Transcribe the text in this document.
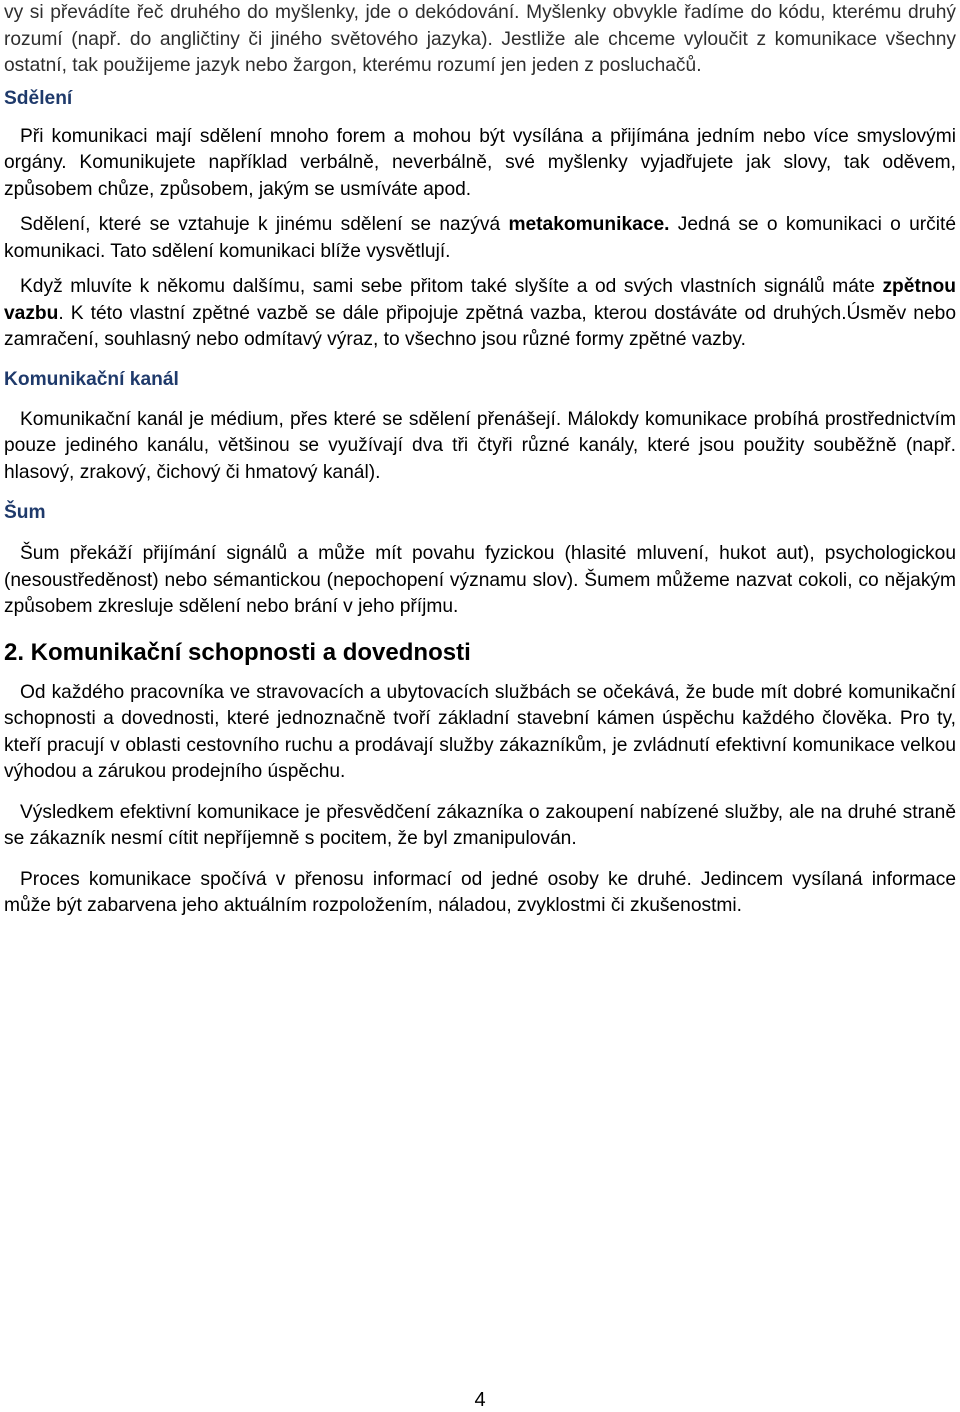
vy si převádíte řeč druhého do myšlenky, jde o dekódování. Myšlenky obvykle řadíme do kódu, kterému druhý rozumí (např. do angličtiny či jiného světového jazyka). Jestliže ale chceme vyloučit z komunikace všechny ostatní, tak použijeme jazyk nebo žargon, kterému rozumí jen jeden z posluchačů.

Sdělení

Při komunikaci mají sdělení mnoho forem a mohou být vysílána a přijímána jedním nebo více smyslovými orgány. Komunikujete například verbálně, neverbálně, své myšlenky vyjadřujete jak slovy, tak oděvem, způsobem chůze, způsobem, jakým se usmíváte apod.

Sdělení, které se vztahuje k jinému sdělení se nazývá metakomunikace. Jedná se o komunikaci o určité komunikaci. Tato sdělení komunikaci blíže vysvětlují.

Když mluvíte k někomu dalšímu, sami sebe přitom také slyšíte a od svých vlastních signálů máte zpětnou vazbu. K této vlastní zpětné vazbě se dále připojuje zpětná vazba, kterou dostáváte od druhých.Úsměv nebo zamračení, souhlasný nebo odmítavý výraz, to všechno jsou různé formy zpětné vazby.

Komunikační kanál

Komunikační kanál je médium, přes které se sdělení přenášejí. Málokdy komunikace probíhá prostřednictvím pouze jediného kanálu, většinou se využívají dva tři čtyři různé kanály, které jsou použity souběžně (např. hlasový, zrakový, čichový či hmatový kanál).

Šum

Šum překáží přijímání signálů a může mít povahu fyzickou (hlasité mluvení, hukot aut), psychologickou (nesoustředěnost) nebo sémantickou (nepochopení významu slov). Šumem můžeme nazvat cokoli, co nějakým způsobem zkresluje sdělení nebo brání v jeho příjmu.

2. Komunikační schopnosti a dovednosti

Od každého pracovníka ve stravovacích a ubytovacích službách se očekává, že bude mít dobré komunikační schopnosti a dovednosti, které jednoznačně tvoří základní stavební kámen úspěchu každého člověka. Pro ty, kteří pracují v oblasti cestovního ruchu a prodávají služby zákazníkům, je zvládnutí efektivní komunikace velkou výhodou a zárukou prodejního úspěchu.

Výsledkem efektivní komunikace je přesvědčení zákazníka o zakoupení nabízené služby, ale na druhé straně se zákazník nesmí cítit nepříjemně s pocitem, že byl zmanipulován.

Proces komunikace spočívá v přenosu informací od jedné osoby ke druhé. Jedincem vysílaná informace může být zabarvena jeho aktuálním rozpoložením, náladou, zvyklostmi či zkušenostmi.

4
